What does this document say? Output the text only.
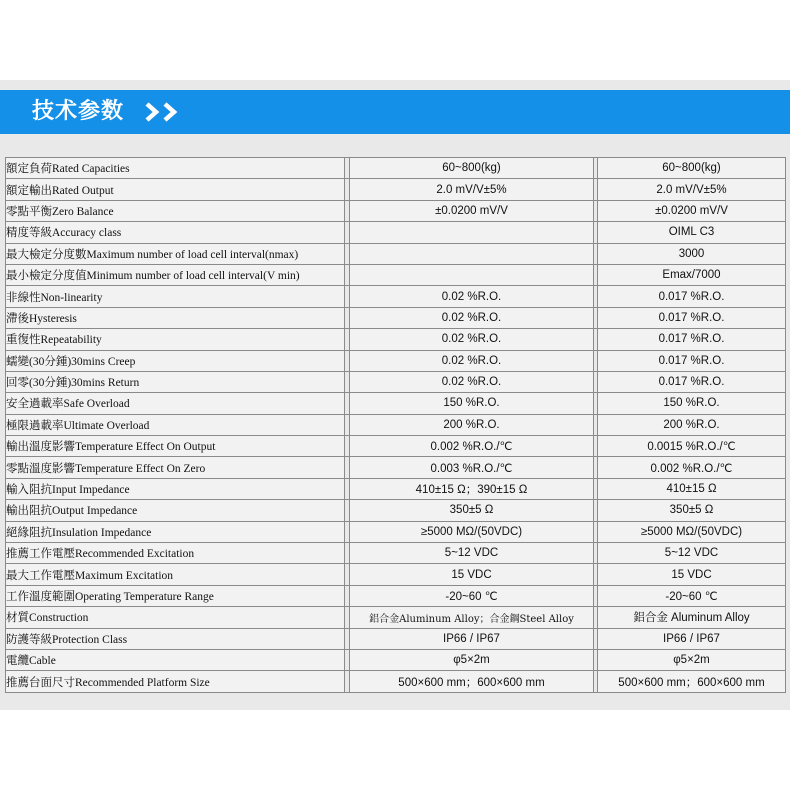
技术参数
額定負荷Rated Capacities		60~800(kg)		60~800(kg)
額定輸出Rated Output		2.0 mV/V±5%		2.0 mV/V±5%
零點平衡Zero Balance		±0.0200 mV/V		±0.0200 mV/V
精度等級Accuracy class				OIML C3
最大檢定分度數Maximum number of load cell interval(nmax)				3000
最小檢定分度值Minimum number of load cell interval(V min)				Emax/7000
非線性Non-linearity		0.02 %R.O.		0.017 %R.O.
滯後Hysteresis		0.02 %R.O.		0.017 %R.O.
重復性Repeatability		0.02 %R.O.		0.017 %R.O.
蠕變(30分鍾)30mins Creep		0.02 %R.O.		0.017 %R.O.
回零(30分鍾)30mins Return		0.02 %R.O.		0.017 %R.O.
安全過載率Safe Overload		150 %R.O.		150 %R.O.
極限過載率Ultimate Overload		200 %R.O.		200 %R.O.
輸出溫度影響Temperature Effect On Output		0.002 %R.O./℃		0.0015 %R.O./℃
零點溫度影響Temperature Effect On Zero		0.003 %R.O./℃		0.002 %R.O./℃
輸入阻抗Input Impedance		410±15 Ω；390±15 Ω		410±15 Ω
輸出阻抗Output Impedance		350±5 Ω		350±5 Ω
絕緣阻抗Insulation Impedance		≥5000 MΩ/(50VDC)		≥5000 MΩ/(50VDC)
推薦工作電壓Recommended Excitation		5~12 VDC		5~12 VDC
最大工作電壓Maximum Excitation		15 VDC		15 VDC
工作溫度範圍Operating Temperature Range		-20~60 ℃		-20~60 ℃
材質Construction		鋁合金Aluminum Alloy；合金鋼Steel Alloy		鋁合金 Aluminum Alloy
防護等級Protection Class		IP66 / IP67		IP66 / IP67
電纜Cable		φ5×2m		φ5×2m
推薦台面尺寸Recommended Platform Size		500×600 mm；600×600 mm		500×600 mm；600×600 mm
